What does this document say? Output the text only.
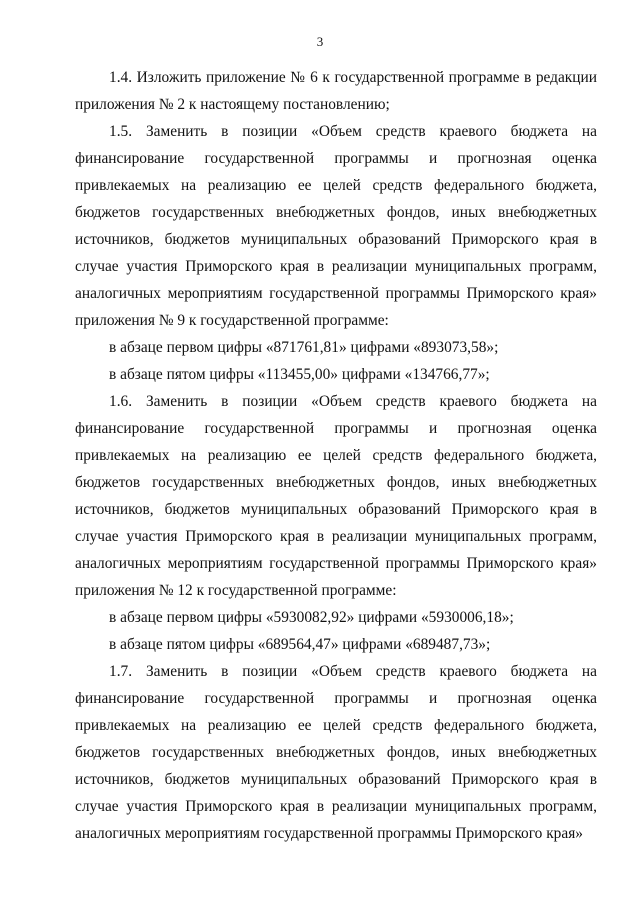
3

1.4. Изложить приложение № 6 к государственной программе в редакции приложения № 2 к настоящему постановлению;

1.5. Заменить в позиции «Объем средств краевого бюджета на финансирование государственной программы и прогнозная оценка привлекаемых на реализацию ее целей средств федерального бюджета, бюджетов государственных внебюджетных фондов, иных внебюджетных источников, бюджетов муниципальных образований Приморского края в случае участия Приморского края в реализации муниципальных программ, аналогичных мероприятиям государственной программы Приморского края» приложения № 9 к государственной программе:

в абзаце первом цифры «871761,81» цифрами «893073,58»;

в абзаце пятом цифры «113455,00» цифрами «134766,77»;

1.6. Заменить в позиции «Объем средств краевого бюджета на финансирование государственной программы и прогнозная оценка привлекаемых на реализацию ее целей средств федерального бюджета, бюджетов государственных внебюджетных фондов, иных внебюджетных источников, бюджетов муниципальных образований Приморского края в случае участия Приморского края в реализации муниципальных программ, аналогичных мероприятиям государственной программы Приморского края» приложения № 12 к государственной программе:

в абзаце первом цифры «5930082,92» цифрами «5930006,18»;

в абзаце пятом цифры «689564,47» цифрами «689487,73»;

1.7. Заменить в позиции «Объем средств краевого бюджета на финансирование государственной программы и прогнозная оценка привлекаемых на реализацию ее целей средств федерального бюджета, бюджетов государственных внебюджетных фондов, иных внебюджетных источников, бюджетов муниципальных образований Приморского края в случае участия Приморского края в реализации муниципальных программ, аналогичных мероприятиям государственной программы Приморского края»
